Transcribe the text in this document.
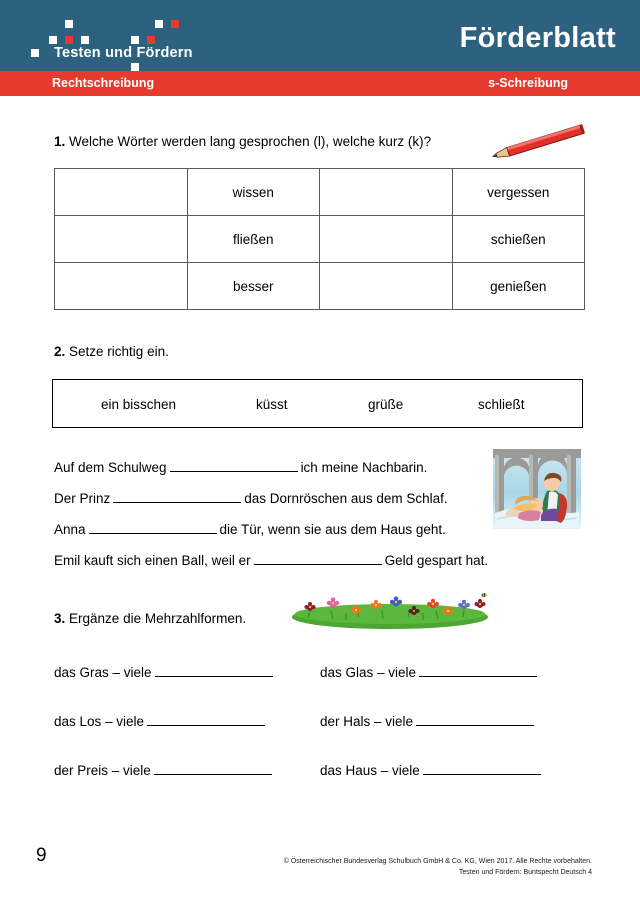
Testen und Fördern	Förderblatt
Rechtschreibung	s-Schreibung
1. Welche Wörter werden lang gesprochen (l), welche kurz (k)?
	wissen		vergessen
	fließen		schießen
	besser		genießen
2. Setze richtig ein.
ein bisschen	küsst	grüße	schließt
Auf dem Schulweg	ich meine Nachbarin.
Der Prinz	das Dornröschen aus dem Schlaf.
Anna	die Tür, wenn sie aus dem Haus geht.
Emil kauft sich einen Ball, weil er	Geld gespart hat.
3. Ergänze die Mehrzahlformen.
das Gras – viele	das Glas – viele
das Los – viele	der Hals – viele
der Preis – viele	das Haus – viele
9	© Österreichischer Bundesverlag Schulbuch GmbH & Co. KG, Wien 2017. Alle Rechte vorbehalten.
Testen und Fördern: Buntspecht Deutsch 4
